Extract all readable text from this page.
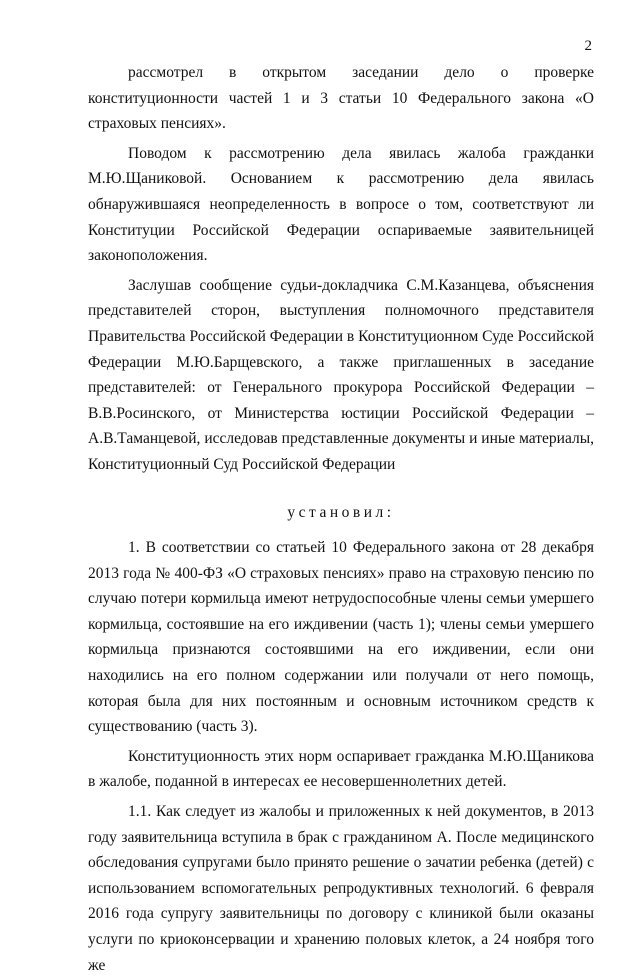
2

рассмотрел в открытом заседании дело о проверке конституционности частей 1 и 3 статьи 10 Федерального закона «О страховых пенсиях».

Поводом к рассмотрению дела явилась жалоба гражданки М.Ю.Щаниковой. Основанием к рассмотрению дела явилась обнаружившаяся неопределенность в вопросе о том, соответствуют ли Конституции Российской Федерации оспариваемые заявительницей законоположения.

Заслушав сообщение судьи-докладчика С.М.Казанцева, объяснения представителей сторон, выступления полномочного представителя Правительства Российской Федерации в Конституционном Суде Российской Федерации М.Ю.Барщевского, а также приглашенных в заседание представителей: от Генерального прокурора Российской Федерации – В.В.Росинского, от Министерства юстиции Российской Федерации – А.В.Таманцевой, исследовав представленные документы и иные материалы, Конституционный Суд Российской Федерации

установил:

1. В соответствии со статьей 10 Федерального закона от 28 декабря 2013 года № 400-ФЗ «О страховых пенсиях» право на страховую пенсию по случаю потери кормильца имеют нетрудоспособные члены семьи умершего кормильца, состоявшие на его иждивении (часть 1); члены семьи умершего кормильца признаются состоявшими на его иждивении, если они находились на его полном содержании или получали от него помощь, которая была для них постоянным и основным источником средств к существованию (часть 3).

Конституционность этих норм оспаривает гражданка М.Ю.Щаникова в жалобе, поданной в интересах ее несовершеннолетних детей.

1.1. Как следует из жалобы и приложенных к ней документов, в 2013 году заявительница вступила в брак с гражданином А. После медицинского обследования супругами было принято решение о зачатии ребенка (детей) с использованием вспомогательных репродуктивных технологий. 6 февраля 2016 года супругу заявительницы по договору с клиникой были оказаны услуги по криоконсервации и хранению половых клеток, а 24 ноября того же
